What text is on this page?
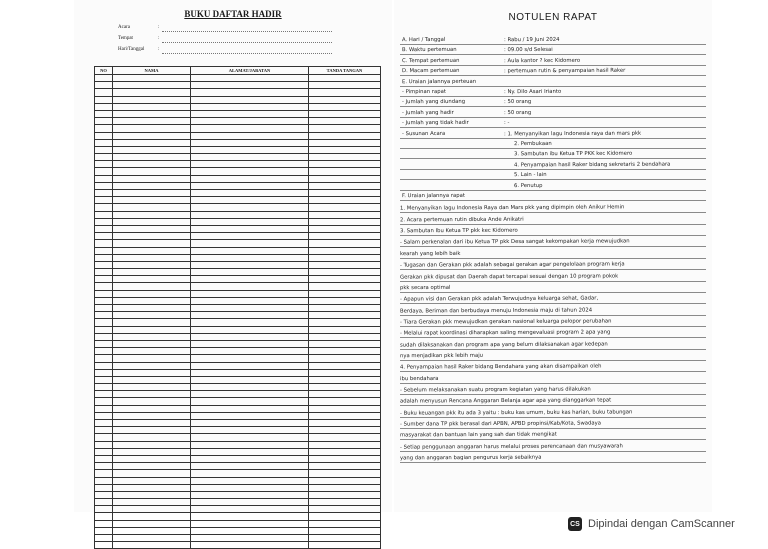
BUKU DAFTAR HADIR
Acara	:
Tempat	:
Hari/Tanggal	:
NO	NAMA	ALAMAT/JABATAN	TANDA TANGAN

NOTULEN RAPAT
A. Hari / Tanggal	: Rabu / 19 Juni 2024
B. Waktu pertemuan	: 09.00 s/d Selesai
C. Tempat pertemuan	: Aula kantor ? kec Kidomero
D. Macam pertemuan	: pertemuan rutin & penyampaian hasil Raker
E. Uraian jalannya perteuan
- Pimpinan rapat	: Ny. Dilo Asari Irianto
- Jumlah yang diundang	: 50 orang
- Jumlah yang hadir	: 50 orang
- Jumlah yang tidak hadir	: -
- Susunan Acara	: 1. Menyanyikan lagu Indonesia raya dan mars pkk
2. Pembukaan
3. Sambutan ibu Ketua TP PKK kec Kidomero
4. Penyampaian hasil Raker bidang sekretaris 2 bendahara
5. Lain - lain
6. Penutup
F. Uraian jalannya rapat
1. Menyanyikan lagu Indonesia Raya dan Mars pkk yang dipimpin oleh Anikur Hemin
2. Acara pertemuan rutin dibuka Ande Anikatri
3. Sambutan Ibu Ketua TP pkk kec Kidomero
- Salam perkenalan dari ibu Ketua TP pkk Desa sangat kekompakan kerja mewujudkan
kearah yang lebih baik
- Tugasan dan Gerakan pkk adalah sebagai gerakan agar pengelolaan program kerja
Gerakan pkk dipusat dan Daerah dapat tercapai sesuai dengan 10 program pokok
pkk secara optimal
- Apapun visi dan Gerakan pkk adalah Terwujudnya keluarga sehat, Gadar,
Berdaya, Beriman dan berbudaya menuju Indonesia maju di tahun 2024
- Tiara Gerakan pkk mewujudkan gerakan nasional keluarga pelopor perubahan
- Melalui rapat koordinasi diharapkan saling mengevaluasi program 2 apa yang
sudah dilaksanakan dan program apa yang belum dilaksanakan agar kedepan
nya menjadikan pkk lebih maju
4. Penyampaian hasil Raker bidang Bendahara yang akan disampaikan oleh
ibu bendahara
- Sebelum melaksanakan suatu program kegiatan yang harus dilakukan
adalah menyusun Rencana Anggaran Belanja agar apa yang dianggarkan tepat
- Buku keuangan pkk itu ada 3 yaitu : buku kas umum, buku kas harian, buku tabungan
- Sumber dana TP pkk berasal dari APBN, APBD propinsi/Kab/Kota, Swadaya
masyarakat dan bantuan lain yang sah dan tidak mengikat
- Setiap penggunaan anggaran harus melalui proses perencanaan dan musyawarah
yang dan anggaran bagian pengurus kerja sebaiknya
CS Dipindai dengan CamScanner
